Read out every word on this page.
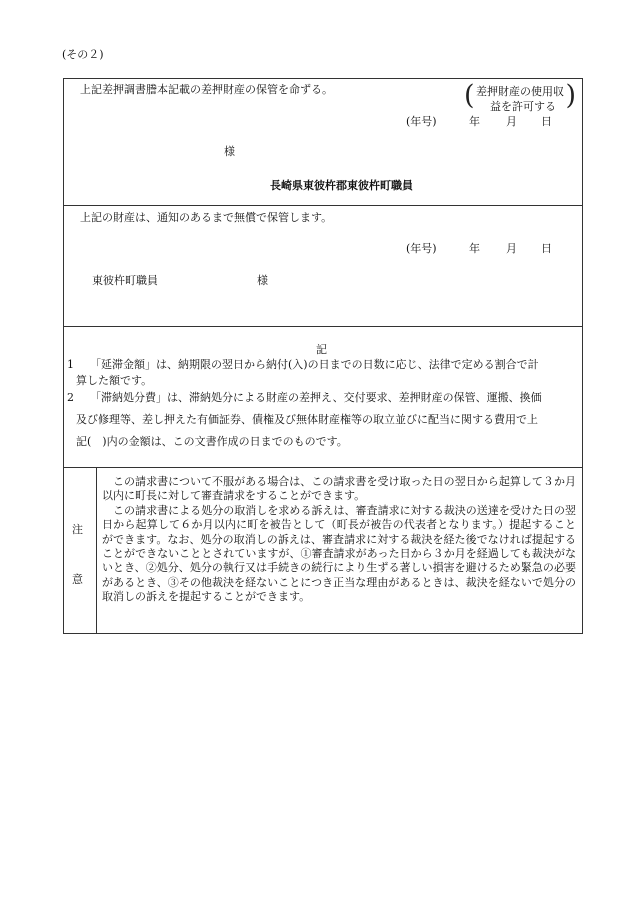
(その２)
上記差押調書謄本記載の差押財産の保管を命ずる。	( 差押財産の使用収
益を許可する )
(年号)	年 月 日
様
長崎県東彼杵郡東彼杵町職員
上記の財産は、通知のあるまで無償で保管します。
(年号)	年 月 日
東彼杵町職員	様
記
1 「延滞金額」は、納期限の翌日から納付(入)の日までの日数に応じ、法律で定める割合で計
算した額です。
2 「滞納処分費」は、滞納処分による財産の差押え、交付要求、差押財産の保管、運搬、換価
及び修理等、差し押えた有価証券、債権及び無体財産権等の取立並びに配当に関する費用で上
記(　)内の金額は、この文書作成の日までのものです。
注
意

この請求書について不服がある場合は、この請求書を受け取った日の翌日から起算して３か月以内に町長に対して審査請求をすることができます。

この請求書による処分の取消しを求める訴えは、審査請求に対する裁決の送達を受けた日の翌日から起算して６か月以内に町を被告として（町長が被告の代表者となります。）提起することができます。なお、処分の取消しの訴えは、審査請求に対する裁決を経た後でなければ提起することができないこととされていますが、①審査請求があった日から３か月を経過しても裁決がないとき、②処分、処分の執行又は手続きの続行により生ずる著しい損害を避けるため緊急の必要があるとき、③その他裁決を経ないことにつき正当な理由があるときは、裁決を経ないで処分の取消しの訴えを提起することができます。
